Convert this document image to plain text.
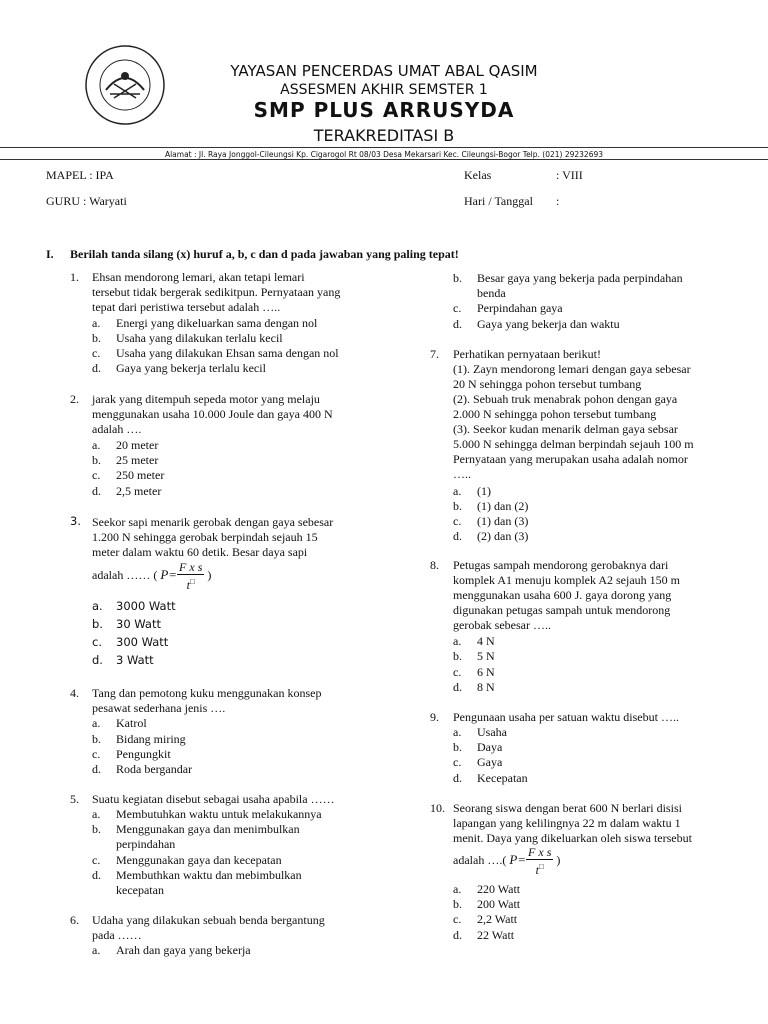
YAYASAN PENCERDAS UMAT ABAL QASIM
ASSESMEN AKHIR SEMSTER 1
SMP PLUS ARRUSYDA
TERAKREDITASI B
Alamat : Jl. Raya Jonggol-Cileungsi Kp. Cigarogol Rt 08/03 Desa Mekarsari Kec. Cileungsi-Bogor Telp. (021) 29232693
MAPEL : IPA
GURU : Waryati
Kelas	: VIII
Hari / Tanggal :
I. Berilah tanda silang (x) huruf a, b, c dan d pada jawaban yang paling tepat!
1. Ehsan mendorong lemari, akan tetapi lemari
tersebut tidak bergerak sedikitpun. Pernyataan yang
tepat dari peristiwa tersebut adalah …..
a. Energi yang dikeluarkan sama dengan nol
b. Usaha yang dilakukan terlalu kecil
c. Usaha yang dilakukan Ehsan sama dengan nol
d. Gaya yang bekerja terlalu kecil
2. jarak yang ditempuh sepeda motor yang melaju
menggunakan usaha 10.000 Joule dan gaya 400 N
adalah ….
a. 20 meter
b. 25 meter
c. 250 meter
d. 2,5 meter
3. Seekor sapi menarik gerobak dengan gaya sebesar
1.200 N sehingga gerobak berpindah sejauh 15
meter dalam waktu 60 detik. Besar daya sapi
adalah …… ( $P= \frac{\text{F x s}}{t^□}$ )
a. 3000 Watt
b. 30 Watt
c. 300 Watt
d. 3 Watt
4. Tang dan pemotong kuku menggunakan konsep
pesawat sederhana jenis ….
a. Katrol
b. Bidang miring
c. Pengungkit
d. Roda bergandar
5. Suatu kegiatan disebut sebagai usaha apabila ……
a. Membutuhkan waktu untuk melakukannya
b. Menggunakan gaya dan menimbulkan
perpindahan
c. Menggunakan gaya dan kecepatan
d. Membuthkan waktu dan mebimbulkan
kecepatan
6. Udaha yang dilakukan sebuah benda bergantung
pada ……
a. Arah dan gaya yang bekerja
b. Besar gaya yang bekerja pada perpindahan
benda
c. Perpindahan gaya
d. Gaya yang bekerja dan waktu
7. Perhatikan pernyataan berikut!
(1). Zayn mendorong lemari dengan gaya sebesar
20 N sehingga pohon tersebut tumbang
(2). Sebuah truk menabrak pohon dengan gaya
2.000 N sehingga pohon tersebut tumbang
(3). Seekor kudan menarik delman gaya sebsar
5.000 N sehingga delman berpindah sejauh 100 m
Pernyataan yang merupakan usaha adalah nomor
…..
a. (1)
b. (1) dan (2)
c. (1) dan (3)
d. (2) dan (3)
8. Petugas sampah mendorong gerobaknya dari
komplek A1 menuju komplek A2 sejauh 150 m
menggunakan usaha 600 J. gaya dorong yang
digunakan petugas sampah untuk mendorong
gerobak sebesar …..
a. 4 N
b. 5 N
c. 6 N
d. 8 N
9. Pengunaan usaha per satuan waktu disebut …..
a. Usaha
b. Daya
c. Gaya
d. Kecepatan
10. Seorang siswa dengan berat 600 N berlari disisi
lapangan yang kelilingnya 22 m dalam waktu 1
menit. Daya yang dikeluarkan oleh siswa tersebut
adalah ….( $P= \frac{\text{F x s}}{t^□}$ )
a. 220 Watt
b. 200 Watt
c. 2,2 Watt
d. 22 Watt
